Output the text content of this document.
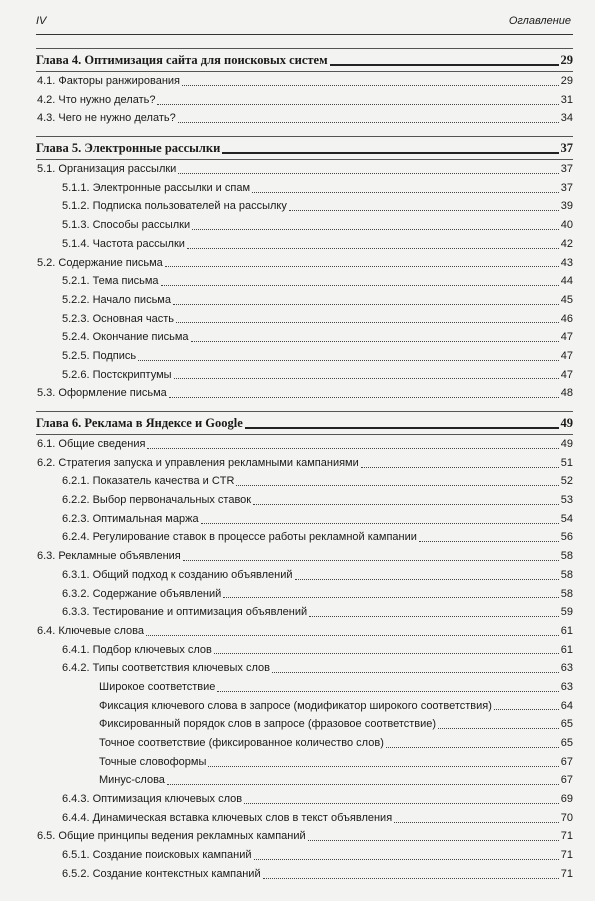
IV	Оглавление
Глава 4. Оптимизация сайта для поисковых систем	29
4.1. Факторы ранжирования	29
4.2. Что нужно делать?	31
4.3. Чего не нужно делать?	34
Глава 5. Электронные рассылки	37
5.1. Организация рассылки	37
5.1.1. Электронные рассылки и спам	37
5.1.2. Подписка пользователей на рассылку	39
5.1.3. Способы рассылки	40
5.1.4. Частота рассылки	42
5.2. Содержание письма	43
5.2.1. Тема письма	44
5.2.2. Начало письма	45
5.2.3. Основная часть	46
5.2.4. Окончание письма	47
5.2.5. Подпись	47
5.2.6. Постскриптумы	47
5.3. Оформление письма	48
Глава 6. Реклама в Яндексе и Google	49
6.1. Общие сведения	49
6.2. Стратегия запуска и управления рекламными кампаниями	51
6.2.1. Показатель качества и CTR	52
6.2.2. Выбор первоначальных ставок	53
6.2.3. Оптимальная маржа	54
6.2.4. Регулирование ставок в процессе работы рекламной кампании	56
6.3. Рекламные объявления	58
6.3.1. Общий подход к созданию объявлений	58
6.3.2. Содержание объявлений	58
6.3.3. Тестирование и оптимизация объявлений	59
6.4. Ключевые слова	61
6.4.1. Подбор ключевых слов	61
6.4.2. Типы соответствия ключевых слов	63
Широкое соответствие	63
Фиксация ключевого слова в запросе (модификатор широкого соответствия)	64
Фиксированный порядок слов в запросе (фразовое соответствие)	65
Точное соответствие (фиксированное количество слов)	65
Точные словоформы	67
Минус-слова	67
6.4.3. Оптимизация ключевых слов	69
6.4.4. Динамическая вставка ключевых слов в текст объявления	70
6.5. Общие принципы ведения рекламных кампаний	71
6.5.1. Создание поисковых кампаний	71
6.5.2. Создание контекстных кампаний	71
